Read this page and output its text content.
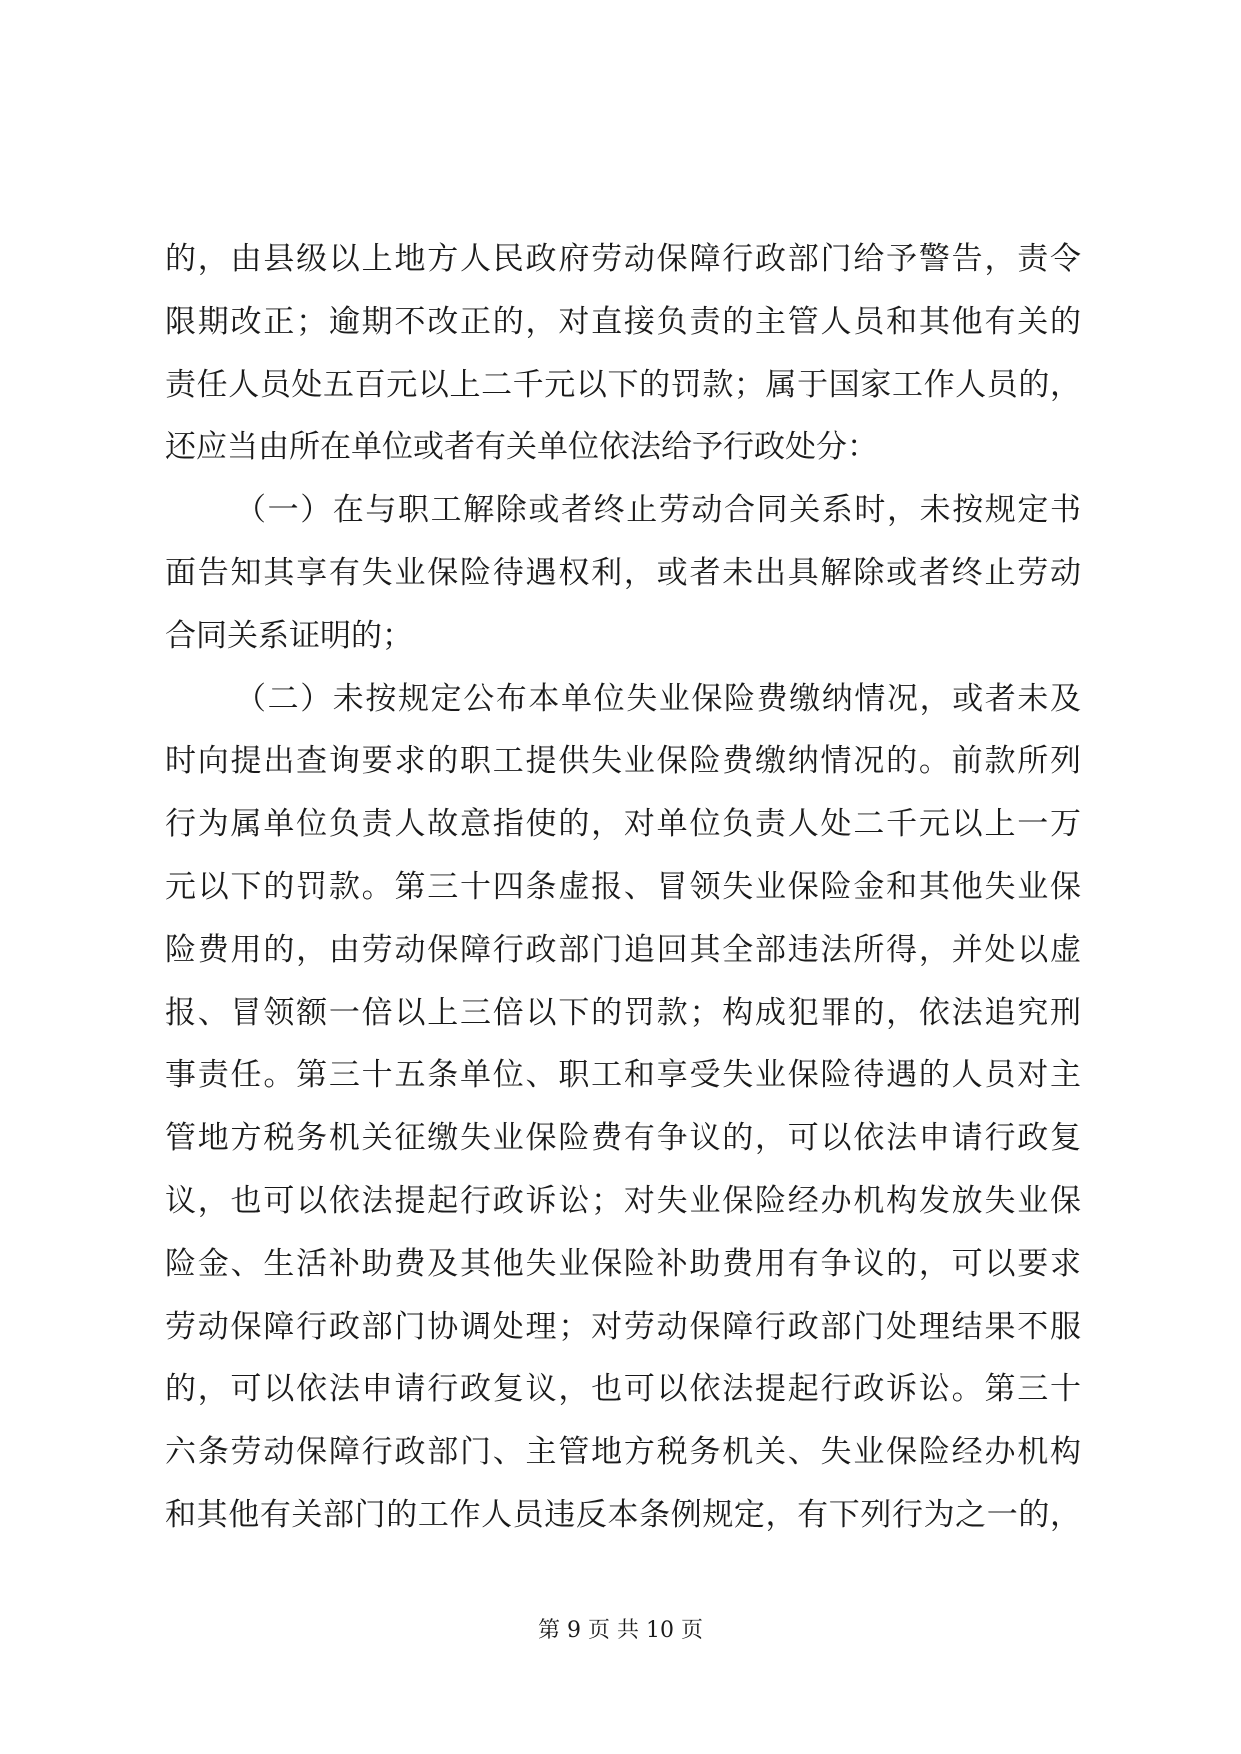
的，由县级以上地方人民政府劳动保障行政部门给予警告，责令
限期改正；逾期不改正的，对直接负责的主管人员和其他有关的
责任人员处五百元以上二千元以下的罚款；属于国家工作人员的，
还应当由所在单位或者有关单位依法给予行政处分：
（一）在与职工解除或者终止劳动合同关系时，未按规定书
面告知其享有失业保险待遇权利，或者未出具解除或者终止劳动
合同关系证明的；
（二）未按规定公布本单位失业保险费缴纳情况，或者未及
时向提出查询要求的职工提供失业保险费缴纳情况的。前款所列
行为属单位负责人故意指使的，对单位负责人处二千元以上一万
元以下的罚款。第三十四条虚报、冒领失业保险金和其他失业保
险费用的，由劳动保障行政部门追回其全部违法所得，并处以虚
报、冒领额一倍以上三倍以下的罚款；构成犯罪的，依法追究刑
事责任。第三十五条单位、职工和享受失业保险待遇的人员对主
管地方税务机关征缴失业保险费有争议的，可以依法申请行政复
议，也可以依法提起行政诉讼；对失业保险经办机构发放失业保
险金、生活补助费及其他失业保险补助费用有争议的，可以要求
劳动保障行政部门协调处理；对劳动保障行政部门处理结果不服
的，可以依法申请行政复议，也可以依法提起行政诉讼。第三十
六条劳动保障行政部门、主管地方税务机关、失业保险经办机构
和其他有关部门的工作人员违反本条例规定，有下列行为之一的，
第 9 页 共 10 页
